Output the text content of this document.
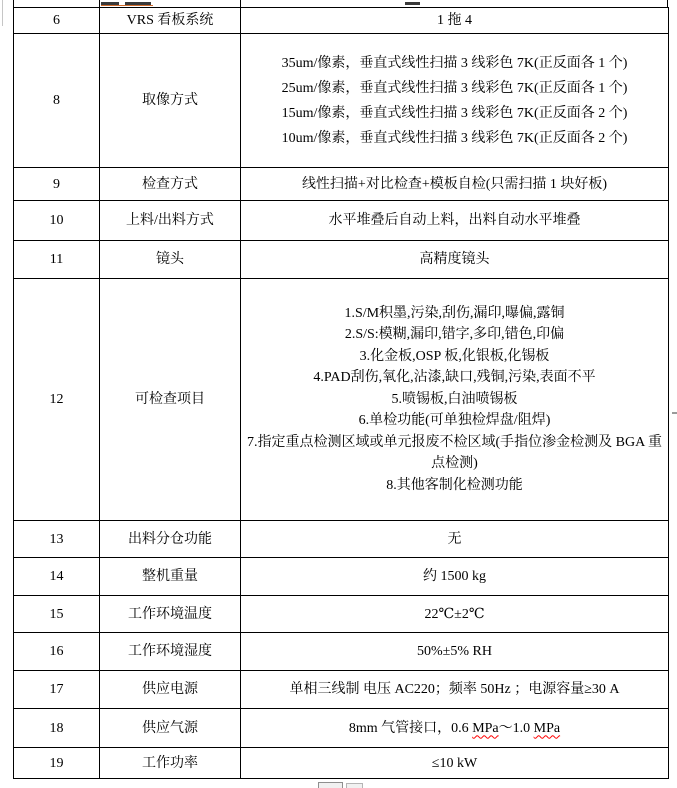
6	VRS 看板系统	1 拖 4
8	取像方式	35um/像素，垂直式线性扫描 3 线彩色 7K(正反面各 1 个)
25um/像素，垂直式线性扫描 3 线彩色 7K(正反面各 1 个)
15um/像素，垂直式线性扫描 3 线彩色 7K(正反面各 2 个)
10um/像素，垂直式线性扫描 3 线彩色 7K(正反面各 2 个)
9	检查方式	线性扫描+对比检查+模板自检(只需扫描 1 块好板)
10	上料/出料方式	水平堆叠后自动上料，出料自动水平堆叠
11	镜头	高精度镜头
12	可检查项目	1.S/M积墨,污染,刮伤,漏印,曝偏,露铜
2.S/S:模糊,漏印,错字,多印,错色,印偏
3.化金板,OSP 板,化银板,化锡板
4.PAD刮伤,氧化,沾漆,缺口,残铜,污染,表面不平
5.喷锡板,白油喷锡板
6.单检功能(可单独检焊盘/阻焊)
7.指定重点检测区域或单元报废不检区域(手指位渗金检测及 BGA 重
点检测)
8.其他客制化检测功能
13	出料分仓功能	无
14	整机重量	约 1500 kg
15	工作环境温度	22℃±2℃
16	工作环境湿度	50%±5% RH
17	供应电源	单相三线制 电压 AC220；频率 50Hz ；电源容量≥30 A
18	供应气源	8mm 气管接口，0.6 MPa～1.0 MPa
19	工作功率	≤10 kW
